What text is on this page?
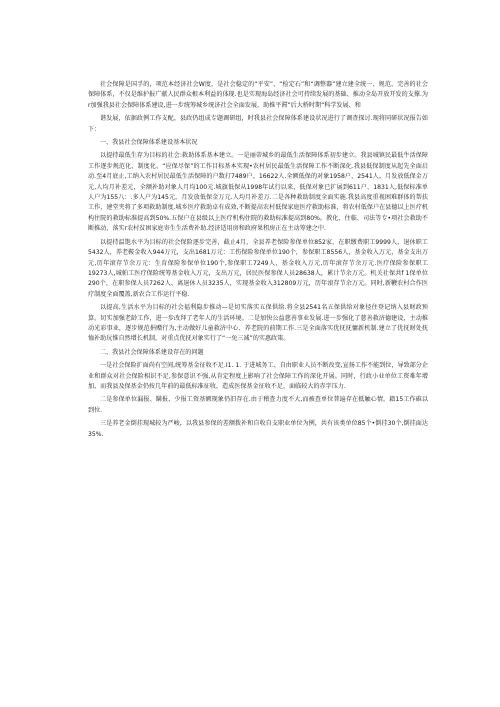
社会保障是国孚的，项范本经济社会W度，是社会稳定的“平安”、“检定石”和“调整器”建立建全统一、规范、完善的社会保障体系，不仅是维护报广献人民群众根本利益的体现.也是实现海岛经济社会可持续发展的基础、推动全岛开放开发的支撑.为r加强我县社会保障体系建设,进一步统筹城乡统济社会全面发展，助推平滞”后大桥时期“科学发展、和

谐发展，依据政例工作支配，县政仍组成专题调研组，时我县社会保障体系建设状况进行了调査探讨.现将同研状况报告如下：

一、我县社会保障体系建设基本状况

以提持最低生存为目标的社会:救助体系基本建立。一是丽蒂城乡的最低生活保障体系初步建立。我县城镇民最低牛活保障工作逐步规范化、制度化、“应保尽保”的工作目标基本实现•农村居民最低生活保障工作不断深化.我县低保制度从起先全面启动.至4月底止,工纳入农村居民最低生活保障的户数打7489户、16622人.全额低保的对象1958户、2541人。月发放低保金万元,人均月补差元，全额补助对象人月均100元.城旗低保从1998年试行以来，低保对象已扩展到611户、1831人,低保标准单人户为155八：.多人户为145元。月发放低保金万元.人均月补差万.二是各种救助制度全面实施.我县高度重视困难群体的帮扶工作，建堂夹将了多项救助制度.城乡医疗救助卓有成效,不断提高农村低保家庭医疗救助标准，将农村低保户在县德以上医疗机构住院的救助标准提高到50%.五保户在县级以上医疗机构住院的救助标准提高到80%。教化、住临、司法等专•项社会救助不断推动，落实r农村贫困家庭寄生生活费补助.经济适用房和政府果租房正在主动筹建之中.

以提持温饱水平为目标的社会保险逐步完善，截止4月，全县养老保险参保单位852家，在职缴费职工9999人，退休职工5432人，养老鞍金收入944万元，支出1681万元：工伤保险参保单位190个，参保职工8556人，基金收入万元，基金支出万元,历年滚存节余万元：生育保险参保单位190个,参保职工7249人，基金收入万元,历年滚存节余万元.医疗保险参保职工19273人,城帕工医疗保险统筹基金收入万元，支出万元，居民医保参保人员28638人，累计节余万元。机关社保共f 1保单位290个，在职参保人员7262人、离退休人员3235人，实现基金收入312809万元，历年滚存节余万元。同时,新鞭农村合作医疗制度全面覆盖,新农合工作运行平稳.

以提高,生活水平为目标的社会福利隐步推动—是切实落实五保供给.将全县2541名五保供给对象径住登记纳入县财政预算。切实加强老龄工作，进一步改拜了老年人的生活环境。二是加快公益慈善事业发展.进一步强化了慈善救济德建设，主动推动光彩事业，逐步规范捐赠行为,主动做好儿童救济中心、养老院的前期工作.三是全面落实优抚抚慵新机制.建立了优抚财处抚恤补助玩惟自然增长机制，对重点优抚对象实行了“一免三减”的实惠政策。

二、我县社会保障体系建设存在的问题

一是社会保险扩面尚有空间,统筹基金征收不足.I1. 1. 于进城务工、自由职业人员不断改变,宣扬工作不能到位，导致部分企业和群众对社会保险相识不足,参保意识不强,从肯定程度上影响了社会保障工作的深化开展。同时，行政小业单位工资难年增加，而我县及保基金仍按几年前的最低标准征收，造成医保基金征收不足，面临较大的赤字压力.

二是参保单位漏报、瞒报、少报工资基额现象仍旧存在.由于稽查力度不大,而被查单位普遍存在抵触心情，籍15工作碓以到位.

三是养老金倒挂现城较为严峻，以我县参保的差额拨补和自收自支职业单位为例，共有该类单位85个•倒挂30个,倒挂面达35%.
